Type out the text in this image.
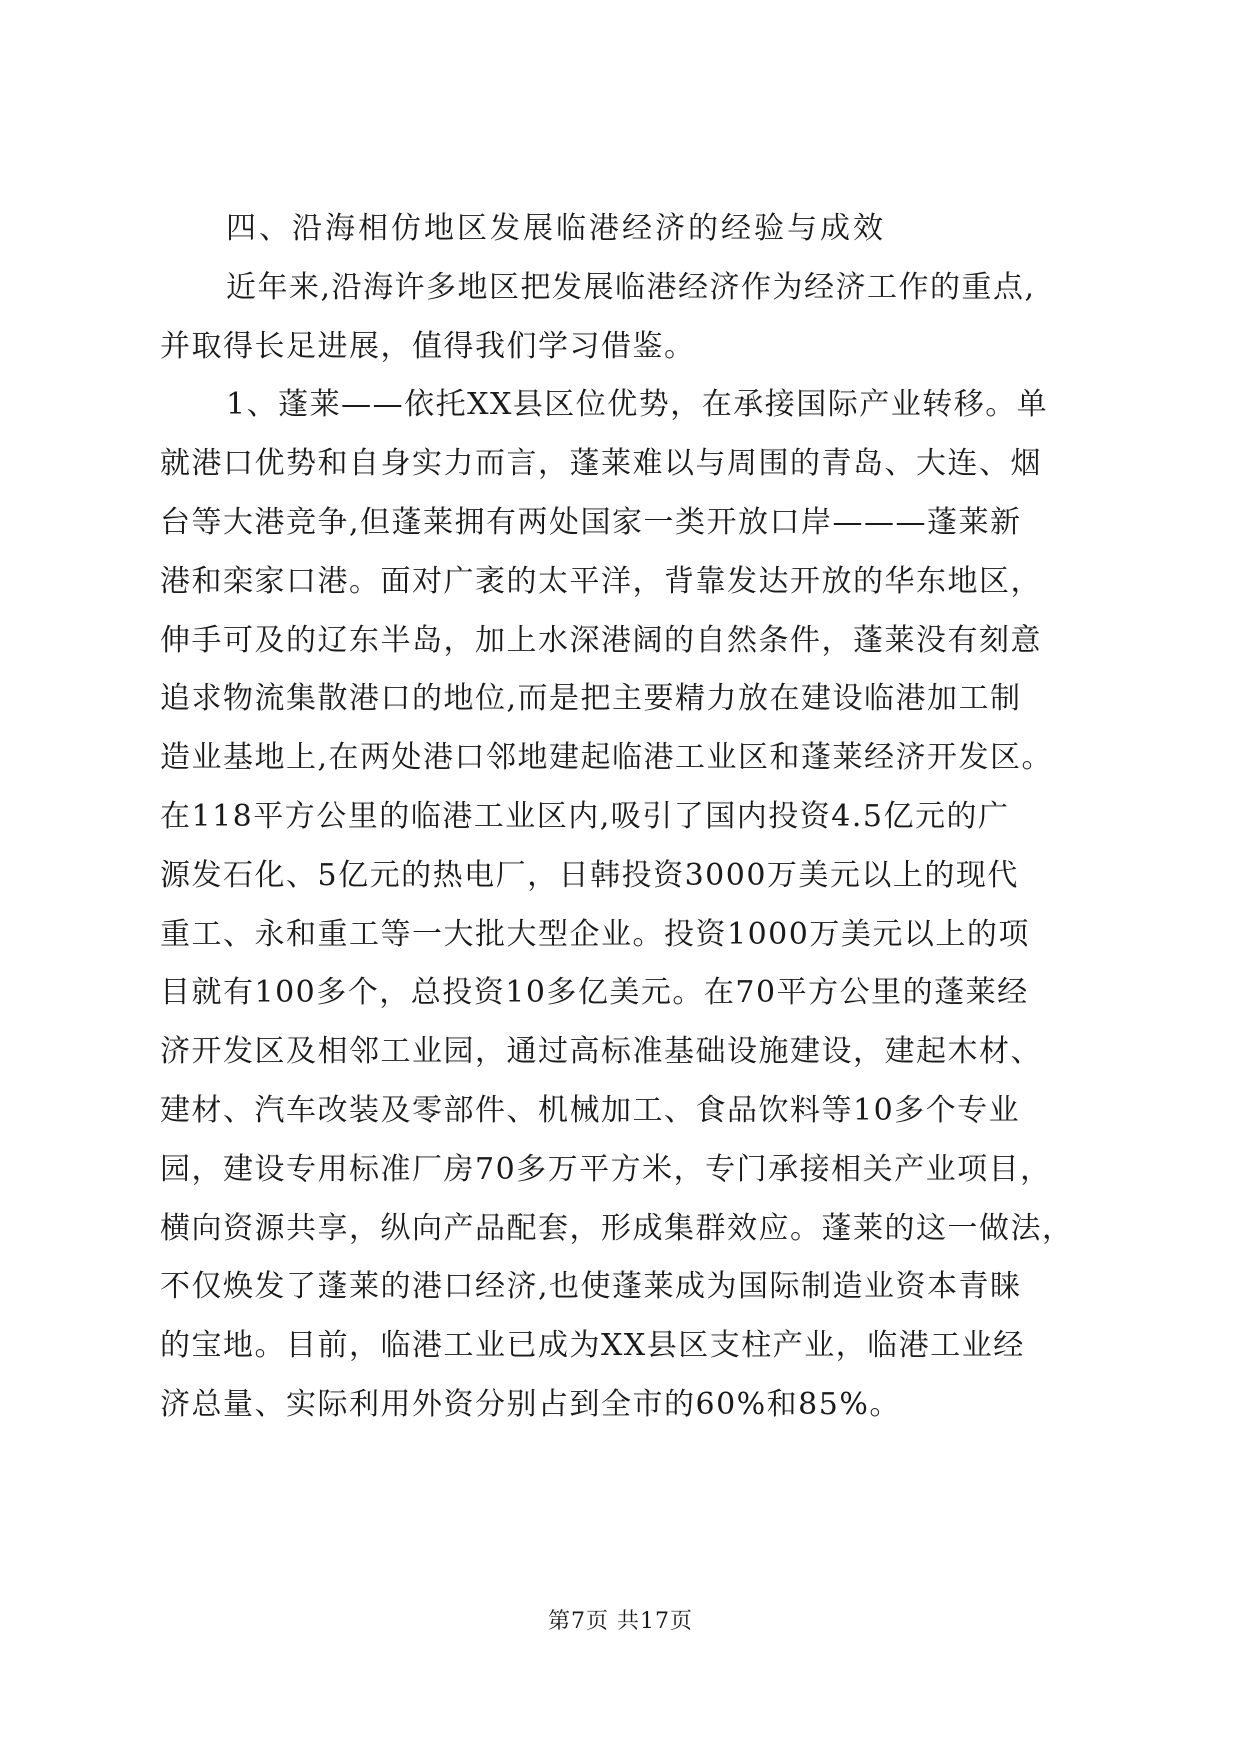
四、沿海相仿地区发展临港经济的经验与成效
近年来,沿海许多地区把发展临港经济作为经济工作的重点,
并取得长足进展，值得我们学习借鉴。
1、蓬莱——依托XX县区位优势，在承接国际产业转移。单
就港口优势和自身实力而言，蓬莱难以与周围的青岛、大连、烟
台等大港竞争,但蓬莱拥有两处国家一类开放口岸———蓬莱新
港和栾家口港。面对广袤的太平洋，背靠发达开放的华东地区，
伸手可及的辽东半岛，加上水深港阔的自然条件，蓬莱没有刻意
追求物流集散港口的地位,而是把主要精力放在建设临港加工制
造业基地上,在两处港口邻地建起临港工业区和蓬莱经济开发区。
在118平方公里的临港工业区内,吸引了国内投资4.5亿元的广
源发石化、5亿元的热电厂，日韩投资3000万美元以上的现代
重工、永和重工等一大批大型企业。投资1000万美元以上的项
目就有100多个，总投资10多亿美元。在70平方公里的蓬莱经
济开发区及相邻工业园，通过高标准基础设施建设，建起木材、
建材、汽车改装及零部件、机械加工、食品饮料等10多个专业
园，建设专用标准厂房70多万平方米，专门承接相关产业项目，
横向资源共享，纵向产品配套，形成集群效应。蓬莱的这一做法，
不仅焕发了蓬莱的港口经济,也使蓬莱成为国际制造业资本青睐
的宝地。目前，临港工业已成为XX县区支柱产业，临港工业经
济总量、实际利用外资分别占到全市的60%和85%。
第7页 共17页
